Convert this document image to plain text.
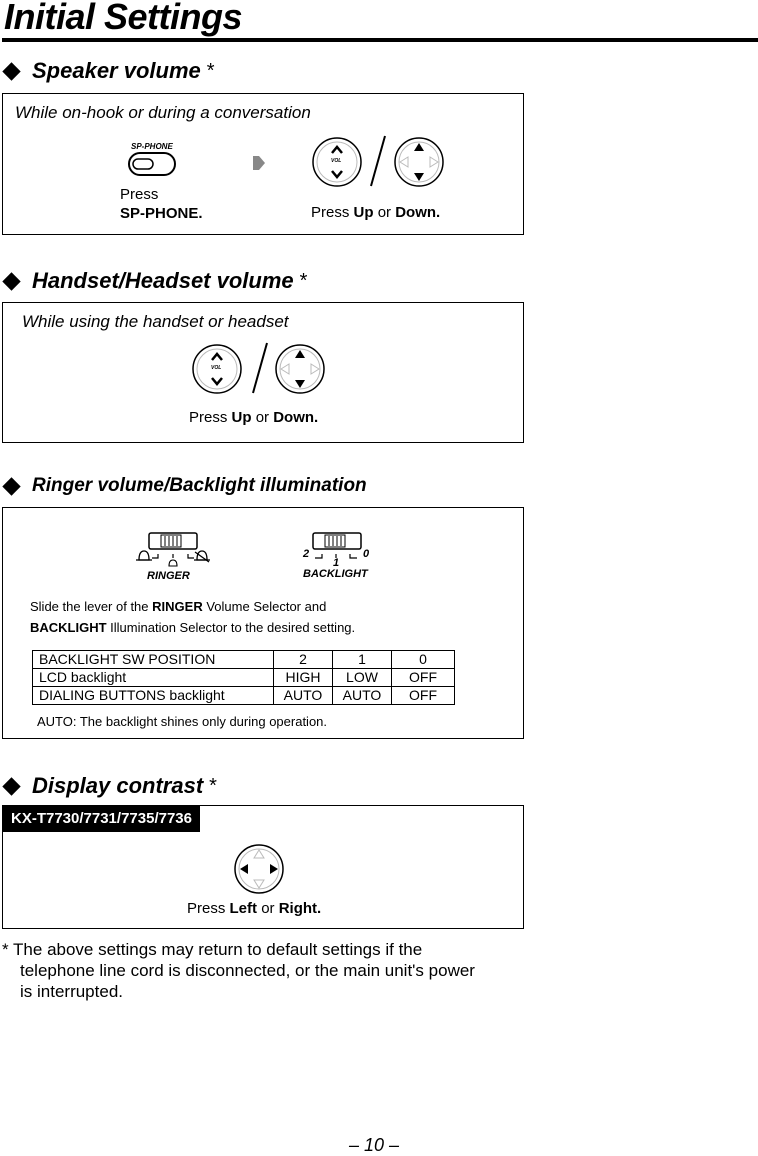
Initial Settings
Speaker volume *
While on-hook or during a conversation
SP-PHONE
Press
SP-PHONE.
VOL
Press Up or Down.
Handset/Headset volume *
While using the handset or headset
VOL
Press Up or Down.
Ringer volume/Backlight illumination
RINGER
2
1
0
BACKLIGHT
Slide the lever of the RINGER Volume Selector and
BACKLIGHT Illumination Selector to the desired setting.
BACKLIGHT SW POSITION	2	1	0
LCD backlight	HIGH	LOW	OFF
DIALING BUTTONS backlight	AUTO	AUTO	OFF
AUTO: The backlight shines only during operation.
Display contrast *
KX-T7730/7731/7735/7736
Press Left or Right.
* The above settings may return to default settings if the
telephone line cord is disconnected, or the main unit's power
is interrupted.
– 10 –
